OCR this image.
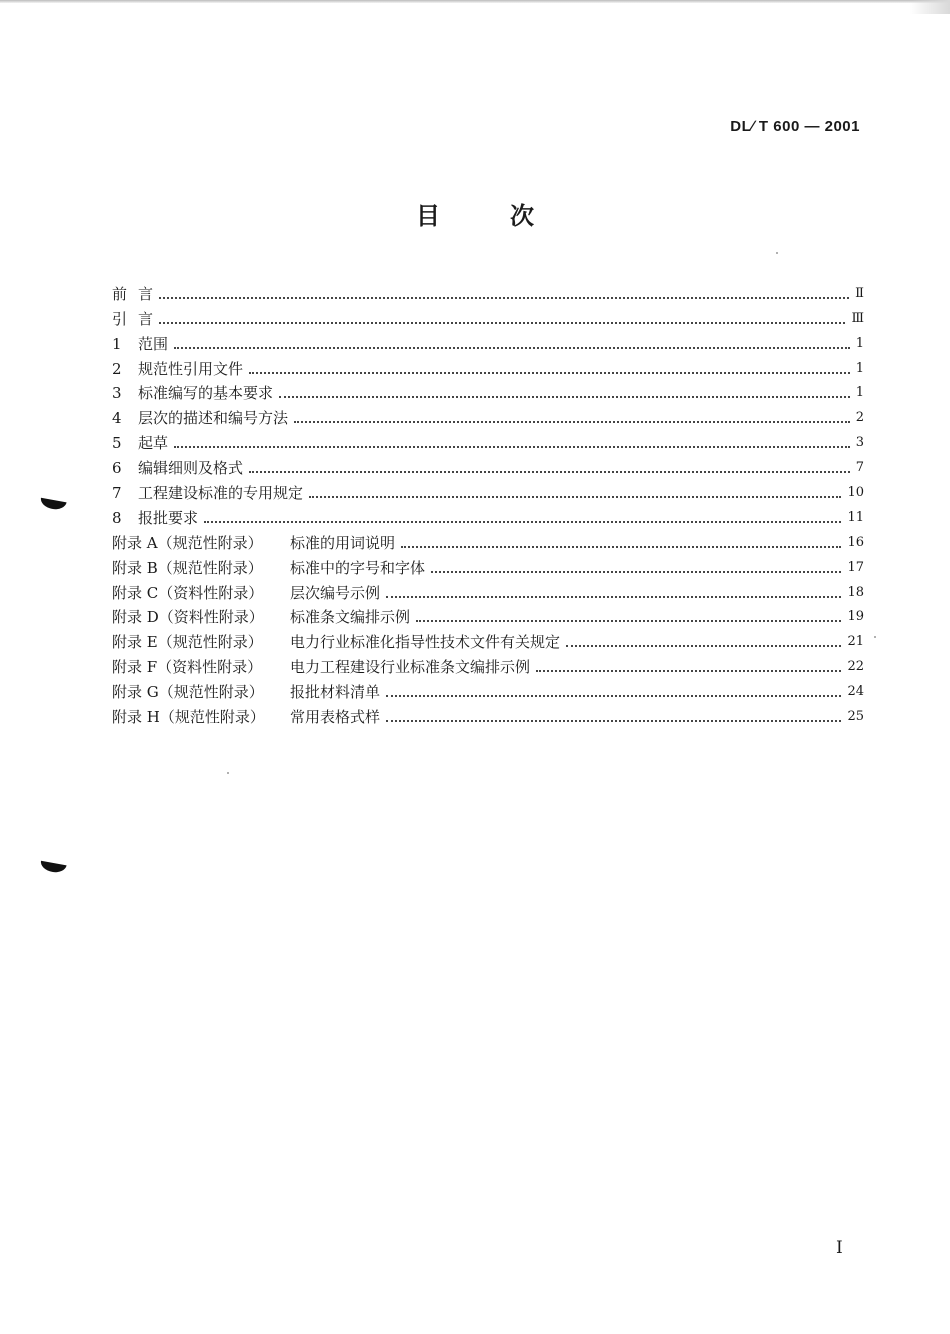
DL∕ T 600 — 2001
目次
前 言	Ⅱ
引 言	Ⅲ
1	范围	1
2	规范性引用文件	1
3	标准编写的基本要求	1
4	层次的描述和编号方法	2
5	起草	3
6	编辑细则及格式	7
7	工程建设标准的专用规定	10
8	报批要求	11
附录 A（规范性附录）	标准的用词说明	16
附录 B（规范性附录）	标准中的字号和字体	17
附录 C（资料性附录）	层次编号示例	18
附录 D（资料性附录）	标准条文编排示例	19
附录 E（规范性附录）	电力行业标准化指导性技术文件有关规定	21
附录 F（资料性附录）	电力工程建设行业标准条文编排示例	22
附录 G（规范性附录）	报批材料清单	24
附录 H（规范性附录）	常用表格式样	25
I
